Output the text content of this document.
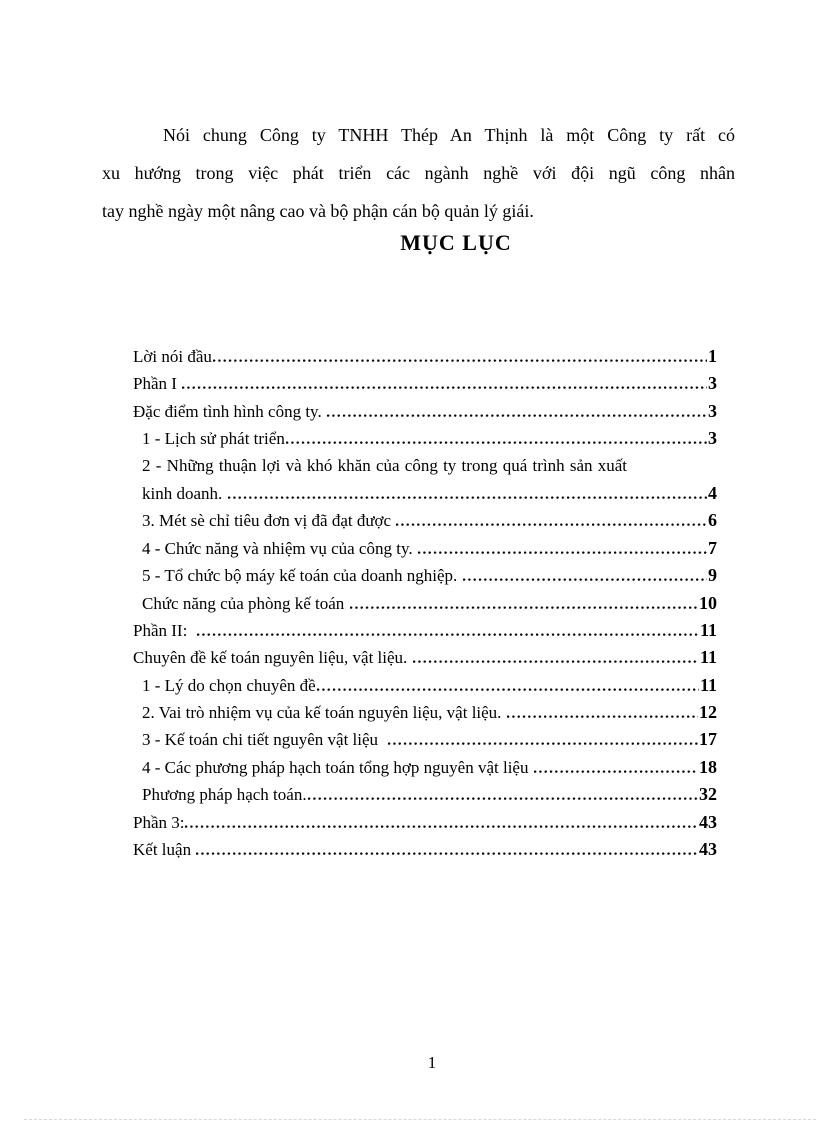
Nói chung Công ty TNHH Thép An Thịnh là một Công ty rất có
xu hướng trong việc phát triển các ngành nghề với đội ngũ công nhân
tay nghề ngày một nâng cao và bộ phận cán bộ quản lý giái.
MỤC LỤC
Lời nói đầu	1
Phần I	3
Đặc điểm tình hình công ty.	3
1 - Lịch sử phát triển	3
2 - Những thuận lợi và khó khăn của công ty trong quá trình sản xuất
kinh doanh.	4
3. Mét sè chỉ tiêu đơn vị đã đạt được	6
4 - Chức năng và nhiệm vụ của công ty.	7
5 - Tổ chức bộ máy kế toán của doanh nghiệp.	9
Chức năng của phòng kế toán	10
Phần II:	11
Chuyên đề kế toán nguyên liệu, vật liệu.	11
1 - Lý do chọn chuyên đề	11
2. Vai trò nhiệm vụ của kế toán nguyên liệu, vật liệu.	12
3 - Kế toán chi tiết nguyên vật liệu	17
4 - Các phương pháp hạch toán tổng hợp nguyên vật liệu	18
Phương pháp hạch toán.	32
Phần 3:	43
Kết luận	43
1
